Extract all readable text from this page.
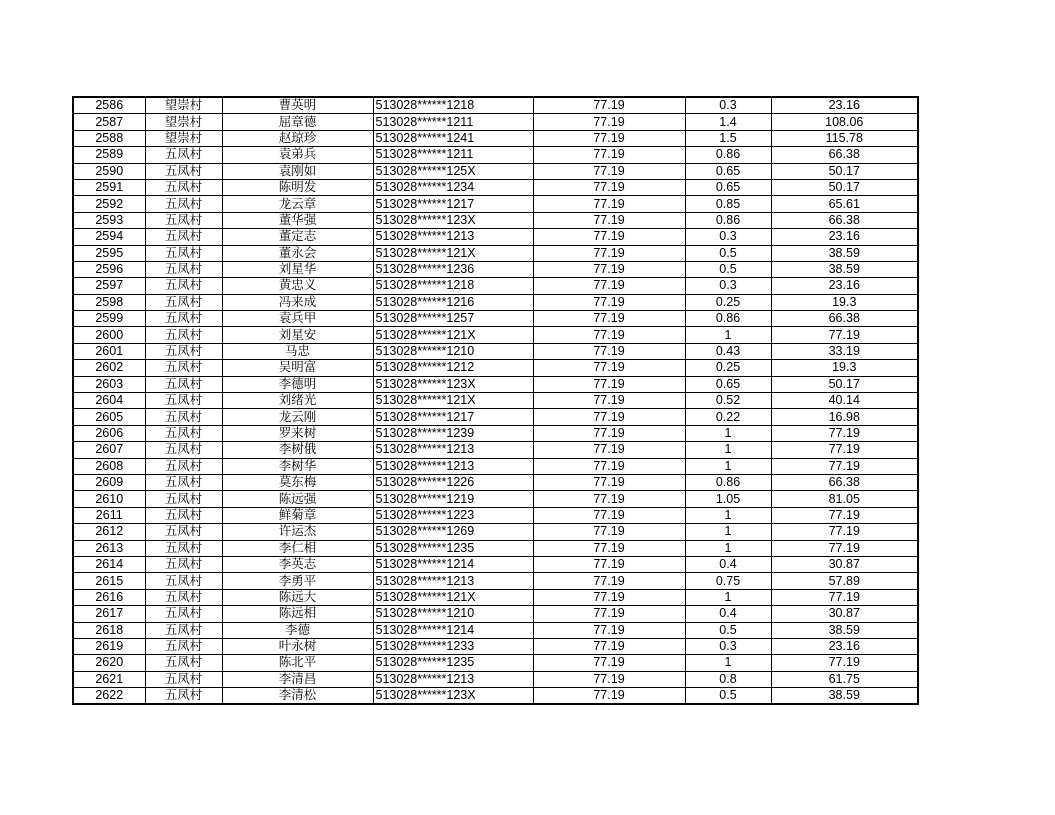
2586	望崇村	曹英明	513028******1218	77.19	0.3	23.16
2587	望崇村	屈章德	513028******1211	77.19	1.4	108.06
2588	望崇村	赵琼珍	513028******1241	77.19	1.5	115.78
2589	五凤村	袁弟兵	513028******1211	77.19	0.86	66.38
2590	五凤村	袁刚如	513028******125X	77.19	0.65	50.17
2591	五凤村	陈明发	513028******1234	77.19	0.65	50.17
2592	五凤村	龙云章	513028******1217	77.19	0.85	65.61
2593	五凤村	董华强	513028******123X	77.19	0.86	66.38
2594	五凤村	董定志	513028******1213	77.19	0.3	23.16
2595	五凤村	董永会	513028******121X	77.19	0.5	38.59
2596	五凤村	刘星华	513028******1236	77.19	0.5	38.59
2597	五凤村	黄忠义	513028******1218	77.19	0.3	23.16
2598	五凤村	冯来成	513028******1216	77.19	0.25	19.3
2599	五凤村	袁兵甲	513028******1257	77.19	0.86	66.38
2600	五凤村	刘星安	513028******121X	77.19	1	77.19
2601	五凤村	马忠	513028******1210	77.19	0.43	33.19
2602	五凤村	吴明富	513028******1212	77.19	0.25	19.3
2603	五凤村	李德明	513028******123X	77.19	0.65	50.17
2604	五凤村	刘绪光	513028******121X	77.19	0.52	40.14
2605	五凤村	龙云刚	513028******1217	77.19	0.22	16.98
2606	五凤村	罗来树	513028******1239	77.19	1	77.19
2607	五凤村	李树俄	513028******1213	77.19	1	77.19
2608	五凤村	李树华	513028******1213	77.19	1	77.19
2609	五凤村	莫东梅	513028******1226	77.19	0.86	66.38
2610	五凤村	陈远强	513028******1219	77.19	1.05	81.05
2611	五凤村	鲜菊章	513028******1223	77.19	1	77.19
2612	五凤村	许运杰	513028******1269	77.19	1	77.19
2613	五凤村	李仁相	513028******1235	77.19	1	77.19
2614	五凤村	李英志	513028******1214	77.19	0.4	30.87
2615	五凤村	李勇平	513028******1213	77.19	0.75	57.89
2616	五凤村	陈远大	513028******121X	77.19	1	77.19
2617	五凤村	陈远相	513028******1210	77.19	0.4	30.87
2618	五凤村	李德	513028******1214	77.19	0.5	38.59
2619	五凤村	叶永树	513028******1233	77.19	0.3	23.16
2620	五凤村	陈北平	513028******1235	77.19	1	77.19
2621	五凤村	李清昌	513028******1213	77.19	0.8	61.75
2622	五凤村	李清松	513028******123X	77.19	0.5	38.59
